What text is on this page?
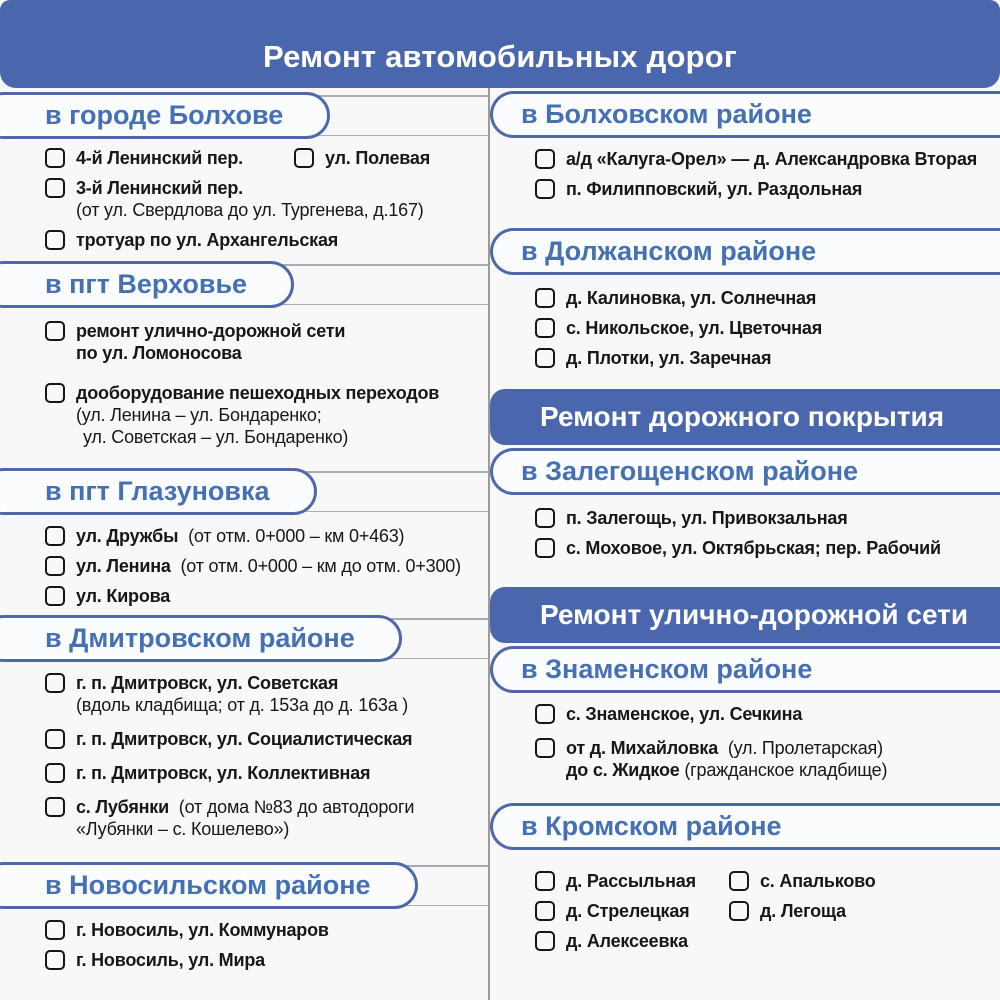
Ремонт автомобильных дорог
в городе Болхове
4-й Ленинский пер.	ул. Полевая
3-й Ленинский пер.
(от ул. Свердлова до ул. Тургенева, д.167)
тротуар по ул. Архангельская
в пгт Верховье
ремонт улично-дорожной сети
по ул. Ломоносова
дооборудование пешеходных переходов
(ул. Ленина – ул. Бондаренко;
ул. Советская – ул. Бондаренко)
в пгт Глазуновка
ул. Дружбы (от отм. 0+000 – км 0+463)
ул. Ленина (от отм. 0+000 – км до отм. 0+300)
ул. Кирова
в Дмитровском районе
г. п. Дмитровск, ул. Советская
(вдоль кладбища; от д. 153а до д. 163а )
г. п. Дмитровск, ул. Социалистическая
г. п. Дмитровск, ул. Коллективная
с. Лубянки (от дома №83 до автодороги
«Лубянки – с. Кошелево»)
в Новосильском районе
г. Новосиль, ул. Коммунаров
г. Новосиль, ул. Мира
в Болховском районе
а/д «Калуга-Орел» — д. Александровка Вторая
п. Филипповский, ул. Раздольная
в Должанском районе
д. Калиновка, ул. Солнечная
с. Никольское, ул. Цветочная
д. Плотки, ул. Заречная
Ремонт дорожного покрытия
в Залегощенском районе
п. Залегощь, ул. Привокзальная
с. Моховое, ул. Октябрьская; пер. Рабочий
Ремонт улично-дорожной сети
в Знаменском районе
с. Знаменское, ул. Сечкина
от д. Михайловка (ул. Пролетарская)
до с. Жидкое (гражданское кладбище)
в Кромском районе
д. Рассыльная
д. Стрелецкая
д. Алексеевка
с. Апальково
д. Легоща
